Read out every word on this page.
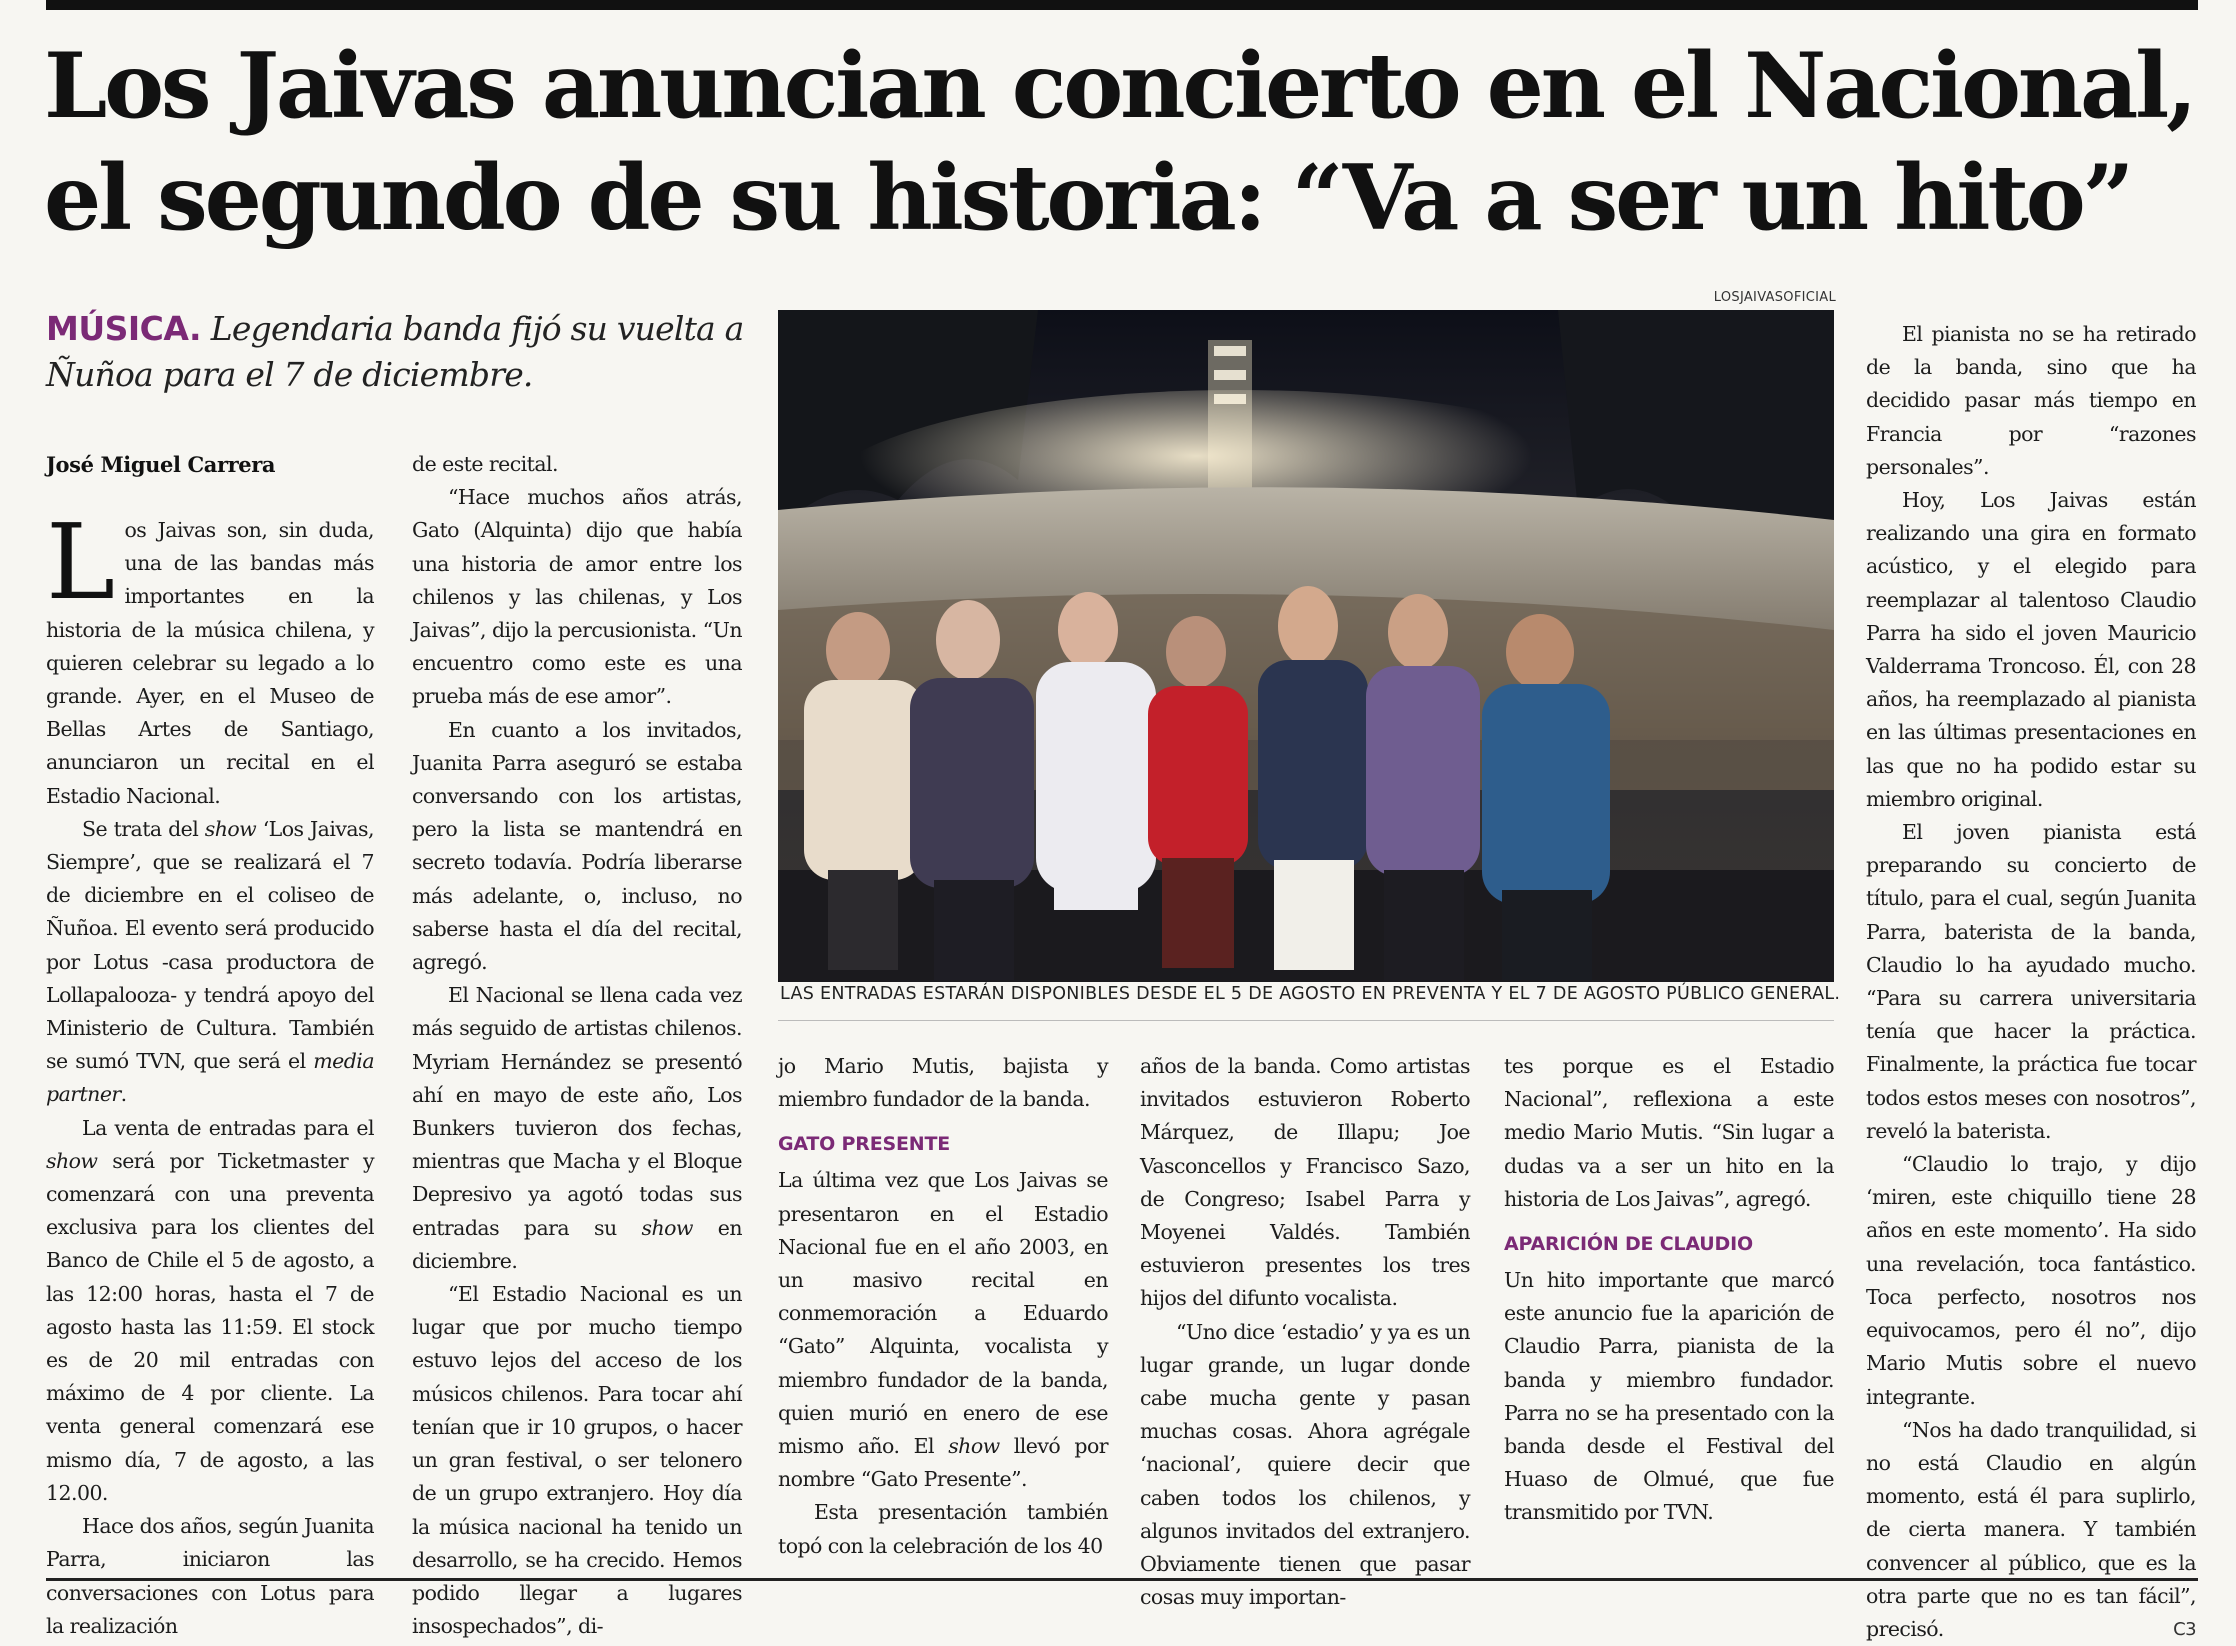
Los Jaivas anuncian concierto en el Nacional,
el segundo de su historia: “Va a ser un hito”
MÚSICA. Legendaria banda fijó su vuelta a Ñuñoa para el 7 de diciembre.
José Miguel Carrera

Los Jaivas son, sin duda, una de las bandas más importantes en la historia de la música chilena, y quieren celebrar su legado a lo grande. Ayer, en el Museo de Bellas Artes de Santiago, anunciaron un recital en el Estadio Nacional.

Se trata del show ‘Los Jaivas, Siempre’, que se realizará el 7 de diciembre en el coliseo de Ñuñoa. El evento será producido por Lotus -casa productora de Lollapalooza- y tendrá apoyo del Ministerio de Cultura. También se sumó TVN, que será el media partner.

La venta de entradas para el show será por Ticketmaster y comenzará con una preventa exclusiva para los clientes del Banco de Chile el 5 de agosto, a las 12:00 horas, hasta el 7 de agosto hasta las 11:59. El stock es de 20 mil entradas con máximo de 4 por cliente. La venta general comenzará ese mismo día, 7 de agosto, a las 12.00.

Hace dos años, según Juanita Parra, iniciaron las conversaciones con Lotus para la realización

de este recital.

“Hace muchos años atrás, Gato (Alquinta) dijo que había una historia de amor entre los chilenos y las chilenas, y Los Jaivas”, dijo la percusionista. “Un encuentro como este es una prueba más de ese amor”.

En cuanto a los invitados, Juanita Parra aseguró se estaba conversando con los artistas, pero la lista se mantendrá en secreto todavía. Podría liberarse más adelante, o, incluso, no saberse hasta el día del recital, agregó.

El Nacional se llena cada vez más seguido de artistas chilenos. Myriam Hernández se presentó ahí en mayo de este año, Los Bunkers tuvieron dos fechas, mientras que Macha y el Bloque Depresivo ya agotó todas sus entradas para su show en diciembre.

“El Estadio Nacional es un lugar que por mucho tiempo estuvo lejos del acceso de los músicos chilenos. Para tocar ahí tenían que ir 10 grupos, o hacer un gran festival, o ser telonero de un grupo extranjero. Hoy día la música nacional ha tenido un desarrollo, se ha crecido. Hemos podido llegar a lugares insospechados”, di-

LOSJAIVASOFICIAL
LAS ENTRADAS ESTARÁN DISPONIBLES DESDE EL 5 DE AGOSTO EN PREVENTA Y EL 7 DE AGOSTO PÚBLICO GENERAL.

jo Mario Mutis, bajista y miembro fundador de la banda.

GATO PRESENTE

La última vez que Los Jaivas se presentaron en el Estadio Nacional fue en el año 2003, en un masivo recital en conmemoración a Eduardo “Gato” Alquinta, vocalista y miembro fundador de la banda, quien murió en enero de ese mismo año. El show llevó por nombre “Gato Presente”.

Esta presentación también topó con la celebración de los 40

años de la banda. Como artistas invitados estuvieron Roberto Márquez, de Illapu; Joe Vasconcellos y Francisco Sazo, de Congreso; Isabel Parra y Moyenei Valdés. También estuvieron presentes los tres hijos del difunto vocalista.

“Uno dice ‘estadio’ y ya es un lugar grande, un lugar donde cabe mucha gente y pasan muchas cosas. Ahora agrégale ‘nacional’, quiere decir que caben todos los chilenos, y algunos invitados del extranjero. Obviamente tienen que pasar cosas muy importan-

tes porque es el Estadio Nacional”, reflexiona a este medio Mario Mutis. “Sin lugar a dudas va a ser un hito en la historia de Los Jaivas”, agregó.

APARICIÓN DE CLAUDIO

Un hito importante que marcó este anuncio fue la aparición de Claudio Parra, pianista de la banda y miembro fundador. Parra no se ha presentado con la banda desde el Festival del Huaso de Olmué, que fue transmitido por TVN.

El pianista no se ha retirado de la banda, sino que ha decidido pasar más tiempo en Francia por “razones personales”.

Hoy, Los Jaivas están realizando una gira en formato acústico, y el elegido para reemplazar al talentoso Claudio Parra ha sido el joven Mauricio Valderrama Troncoso. Él, con 28 años, ha reemplazado al pianista en las últimas presentaciones en las que no ha podido estar su miembro original.

El joven pianista está preparando su concierto de título, para el cual, según Juanita Parra, baterista de la banda, Claudio lo ha ayudado mucho. “Para su carrera universitaria tenía que hacer la práctica. Finalmente, la práctica fue tocar todos estos meses con nosotros”, reveló la baterista.

“Claudio lo trajo, y dijo ‘miren, este chiquillo tiene 28 años en este momento’. Ha sido una revelación, toca fantástico. Toca perfecto, nosotros nos equivocamos, pero él no”, dijo Mario Mutis sobre el nuevo integrante.

“Nos ha dado tranquilidad, si no está Claudio en algún momento, está él para suplirlo, de cierta manera. Y también convencer al público, que es la otra parte que no es tan fácil”, precisó.	C3
